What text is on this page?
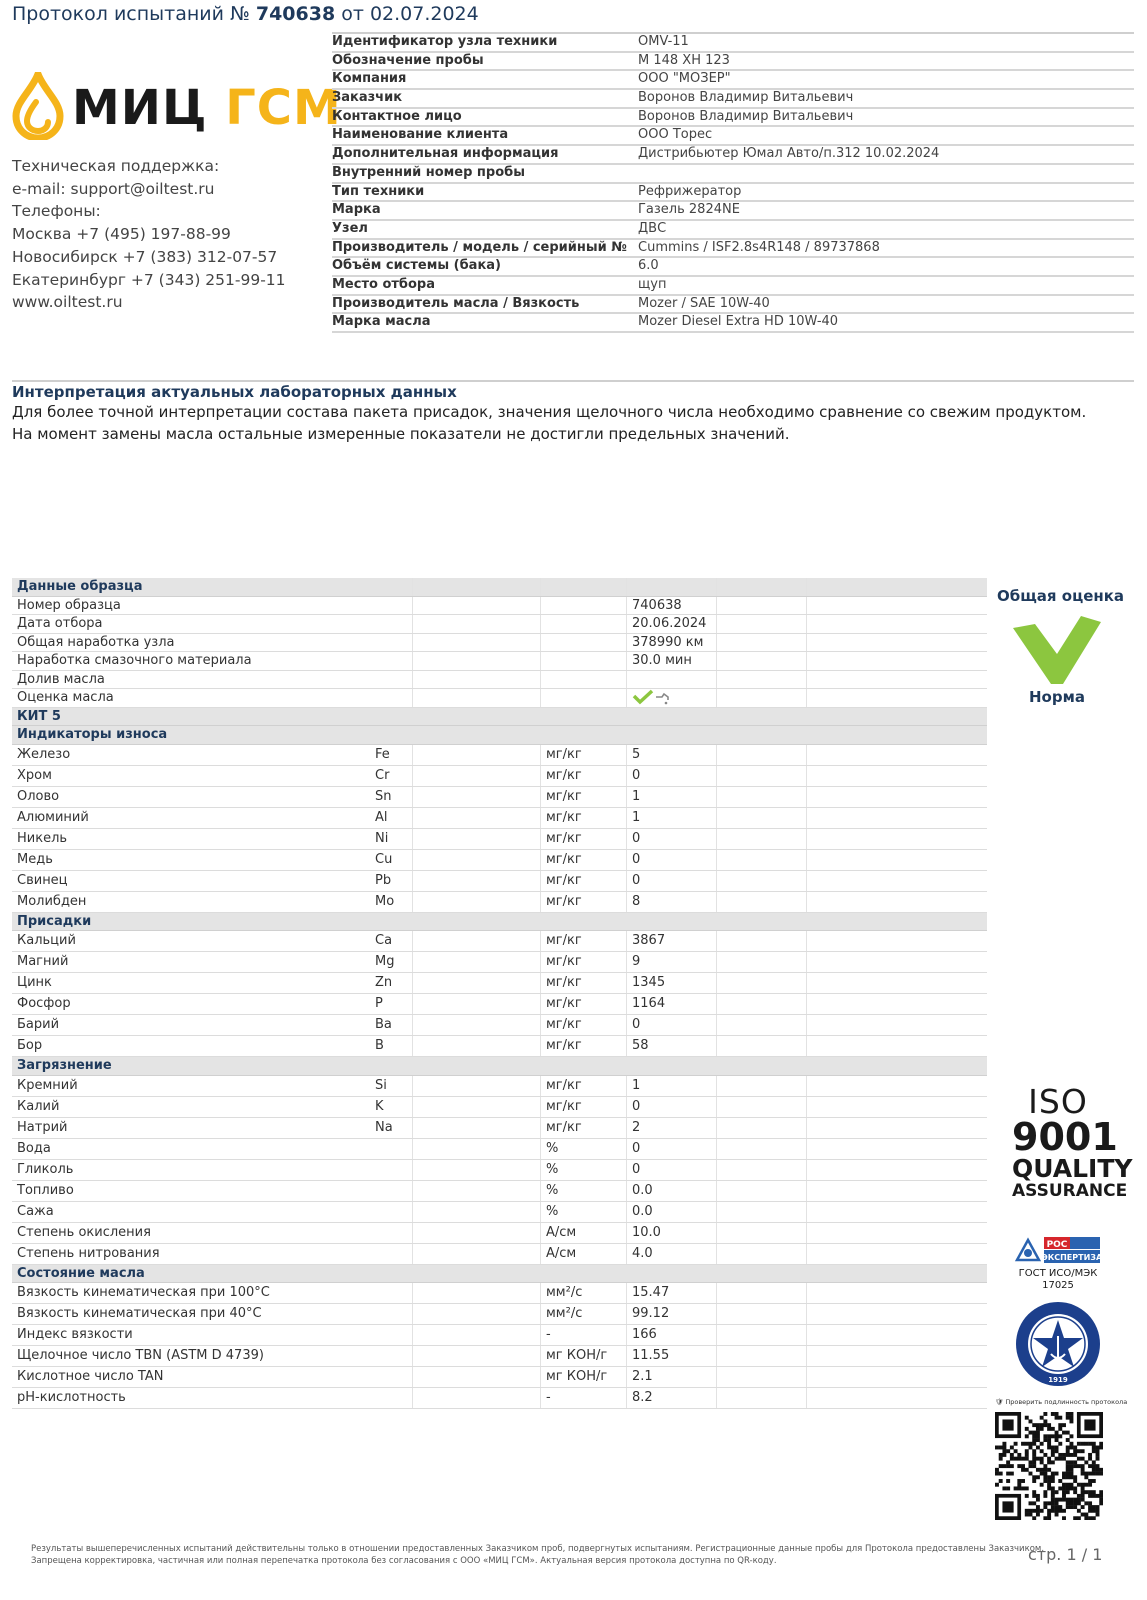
Протокол испытаний № 740638 от 02.07.2024
МИЦ ГСМ
Техническая поддержка:
e-mail: support@oiltest.ru
Телефоны:
Москва +7 (495) 197-88-99
Новосибирск +7 (383) 312-07-57
Екатеринбург +7 (343) 251-99-11
www.oiltest.ru
Идентификатор узла техники	OMV-11
Обозначение пробы	М 148 ХН 123
Компания	ООО "МОЗЕР"
Заказчик	Воронов Владимир Витальевич
Контактное лицо	Воронов Владимир Витальевич
Наименование клиента	ООО Торес
Дополнительная информация	Дистрибьютер Юмал Авто/п.312 10.02.2024
Внутренний номер пробы
Тип техники	Рефрижератор
Марка	Газель 2824NE
Узел	ДВС
Производитель / модель / серийный № Cummins / ISF2.8s4R148 / 89737868
Объём системы (бака)	6.0
Место отбора	щуп
Производитель масла / Вязкость	Mozer / SAE 10W-40
Марка масла	Mozer Diesel Extra HD 10W-40
Интерпретация актуальных лабораторных данных

Для более точной интерпретации состава пакета присадок, значения щелочного числа необходимо сравнение со свежим продуктом.

На момент замены масла остальные измеренные показатели не достигли предельных значений.

Данные образца
Номер образца	740638
Дата отбора	20.06.2024
Общая наработка узла	378990 км
Наработка смазочного материала	30.0 мин
Долив масла
Оценка масла
КИТ 5
Индикаторы износа
Железо	Fe	мг/кг	5
Хром	Cr	мг/кг	0
Олово	Sn	мг/кг	1
Алюминий	Al	мг/кг	1
Никель	Ni	мг/кг	0
Медь	Cu	мг/кг	0
Свинец	Pb	мг/кг	0
Молибден	Mo	мг/кг	8
Присадки
Кальций	Ca	мг/кг	3867
Магний	Mg	мг/кг	9
Цинк	Zn	мг/кг	1345
Фосфор	P	мг/кг	1164
Барий	Ba	мг/кг	0
Бор	B	мг/кг	58
Загрязнение
Кремний	Si	мг/кг	1
Калий	K	мг/кг	0
Натрий	Na	мг/кг	2
Вода	%	0
Гликоль	%	0
Топливо	%	0.0
Сажа	%	0.0
Степень окисления	А/см	10.0
Степень нитрования	А/см	4.0
Состояние масла
Вязкость кинематическая при 100°С	мм²/с	15.47
Вязкость кинематическая при 40°С	мм²/с	99.12
Индекс вязкости	-	166
Щелочное число TBN (ASTM D 4739)	мг КОН/г	11.55
Кислотное число TAN	мг КОН/г	2.1
pH-кислотность	-	8.2
Общая оценка
Норма
ISO
9001
QUALITY
ASSURANCE
РОС
ЭКСПЕРТИЗА
ГОСТ ИСО/МЭК
17025
1919
🛡 Проверить подлинность протокола
Результаты вышеперечисленных испытаний действительны только в отношении предоставленных Заказчиком проб, подвергнутых испытаниям. Регистрационные данные пробы для Протокола предоставлены Заказчиком.
Запрещена корректировка, частичная или полная перепечатка протокола без согласования с ООО «МИЦ ГСМ». Актуальная версия протокола доступна по QR-коду.	стр. 1 / 1
